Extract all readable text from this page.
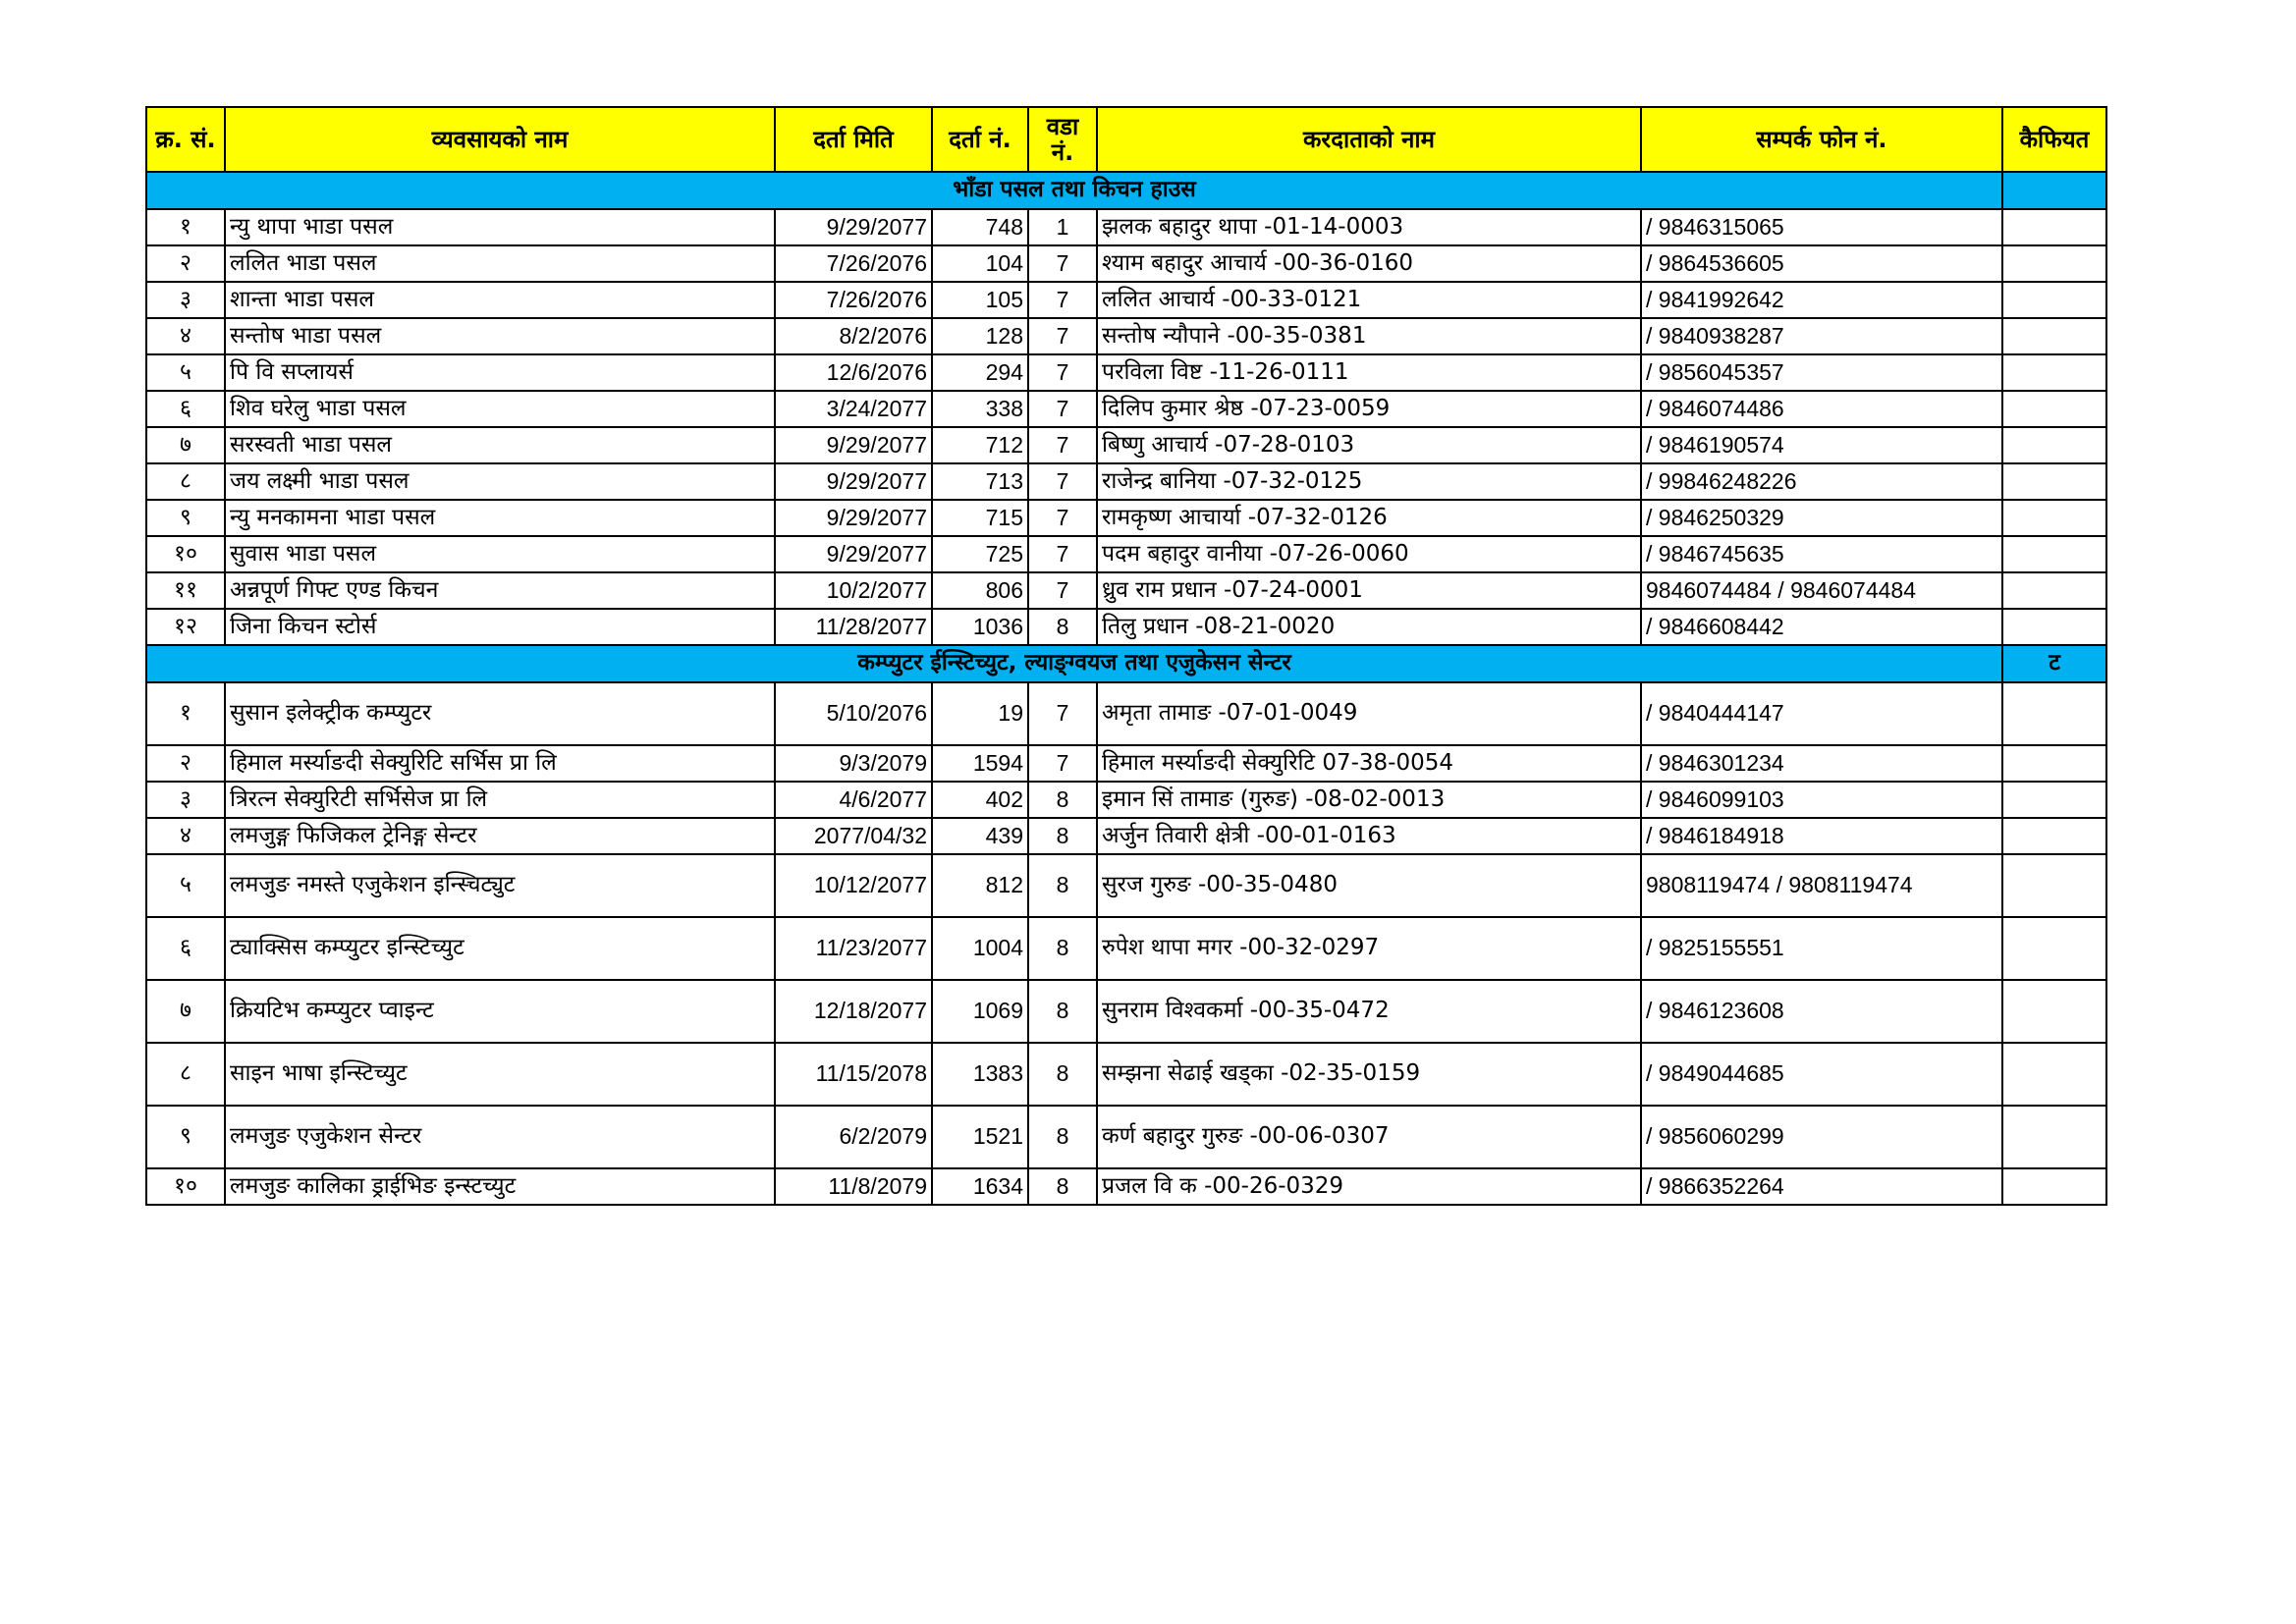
क्र. सं.	व्यवसायको नाम	दर्ता मिति	दर्ता नं.	वडा नं.	करदाताको नाम	सम्पर्क फोन नं.	कैफियत
भाँडा पसल तथा किचन हाउस							
१	न्यु थापा भाडा पसल	9/29/2077	748	1	झलक बहादुर थापा -01-14-0003	/ 9846315065	
२	ललित भाडा पसल	7/26/2076	104	7	श्याम बहादुर आचार्य -00-36-0160	/ 9864536605	
३	शान्ता भाडा पसल	7/26/2076	105	7	ललित आचार्य -00-33-0121	/ 9841992642	
४	सन्तोष भाडा पसल	8/2/2076	128	7	सन्तोष न्यौपाने -00-35-0381	/ 9840938287	
५	पि वि सप्लायर्स	12/6/2076	294	7	परविला विष्ट -11-26-0111	/ 9856045357	
६	शिव घरेलु भाडा पसल	3/24/2077	338	7	दिलिप कुमार श्रेष्ठ -07-23-0059	/ 9846074486	
७	सरस्वती भाडा पसल	9/29/2077	712	7	बिष्णु आचार्य -07-28-0103	/ 9846190574	
८	जय लक्ष्मी भाडा पसल	9/29/2077	713	7	राजेन्द्र बानिया -07-32-0125	/ 99846248226	
९	न्यु मनकामना भाडा पसल	9/29/2077	715	7	रामकृष्ण आचार्या -07-32-0126	/ 9846250329	
१०	सुवास भाडा पसल	9/29/2077	725	7	पदम बहादुर वानीया -07-26-0060	/ 9846745635	
११	अन्नपूर्ण गिफ्ट एण्ड किचन	10/2/2077	806	7	ध्रुव राम प्रधान -07-24-0001	9846074484 / 9846074484	
१२	जिना किचन स्टोर्स	11/28/2077	1036	8	तिलु प्रधान -08-21-0020	/ 9846608442	
कम्प्युटर ईन्स्टिच्युट, ल्याङ्ग्वयज तथा एजुकेसन सेन्टर							ट
१	सुसान इलेक्ट्रीक कम्प्युटर	5/10/2076	19	7	अमृता तामाङ -07-01-0049	/ 9840444147	
२	हिमाल मर्स्याङदी सेक्युरिटि सर्भिस प्रा लि	9/3/2079	1594	7	हिमाल मर्स्याङदी सेक्युरिटि 07-38-0054	/ 9846301234	
३	त्रिरत्न सेक्युरिटी सर्भिसेज प्रा लि	4/6/2077	402	8	इमान सिं तामाङ (गुरुङ) -08-02-0013	/ 9846099103	
४	लमजुङ्ग फिजिकल ट्रेनिङ्ग सेन्टर	2077/04/32	439	8	अर्जुन तिवारी क्षेत्री -00-01-0163	/ 9846184918	
५	लमजुङ नमस्ते एजुकेशन इन्स्चिट्युट	10/12/2077	812	8	सुरज गुरुङ -00-35-0480	9808119474 / 9808119474	
६	ट्याक्सिस कम्प्युटर इन्स्टिच्युट	11/23/2077	1004	8	रुपेश थापा मगर -00-32-0297	/ 9825155551	
७	क्रियटिभ कम्प्युटर प्वाइन्ट	12/18/2077	1069	8	सुनराम विश्वकर्मा -00-35-0472	/ 9846123608	
८	साइन भाषा इन्स्टिच्युट	11/15/2078	1383	8	सम्झना सेढाई खड्का -02-35-0159	/ 9849044685	
९	लमजुङ एजुकेशन सेन्टर	6/2/2079	1521	8	कर्ण बहादुर गुरुङ -00-06-0307	/ 9856060299	
१०	लमजुङ कालिका ड्राईभिङ इन्स्टच्युट	11/8/2079	1634	8	प्रजल वि क -00-26-0329	/ 9866352264	
